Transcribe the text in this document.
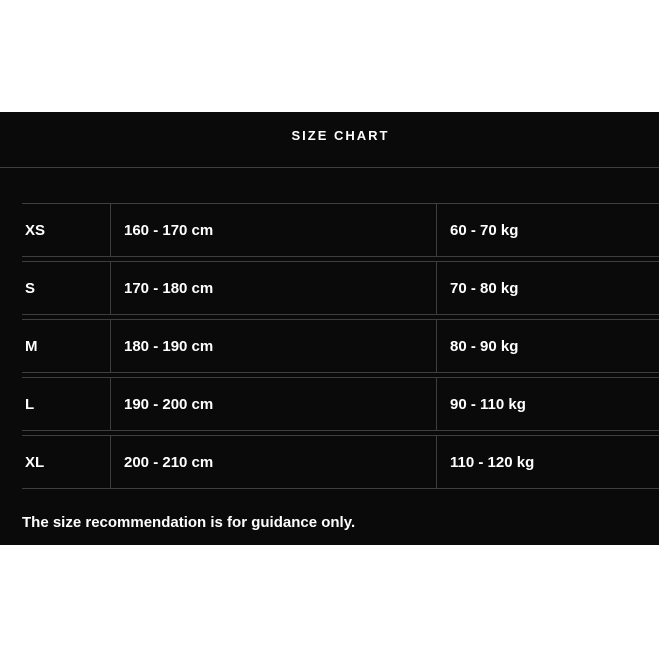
SIZE CHART
XS	160 - 170 cm	60 - 70 kg
S	170 - 180 cm	70 - 80 kg
M	180 - 190 cm	80 - 90 kg
L	190 - 200 cm	90 - 110 kg
XL	200 - 210 cm	110 - 120 kg
The size recommendation is for guidance only.
